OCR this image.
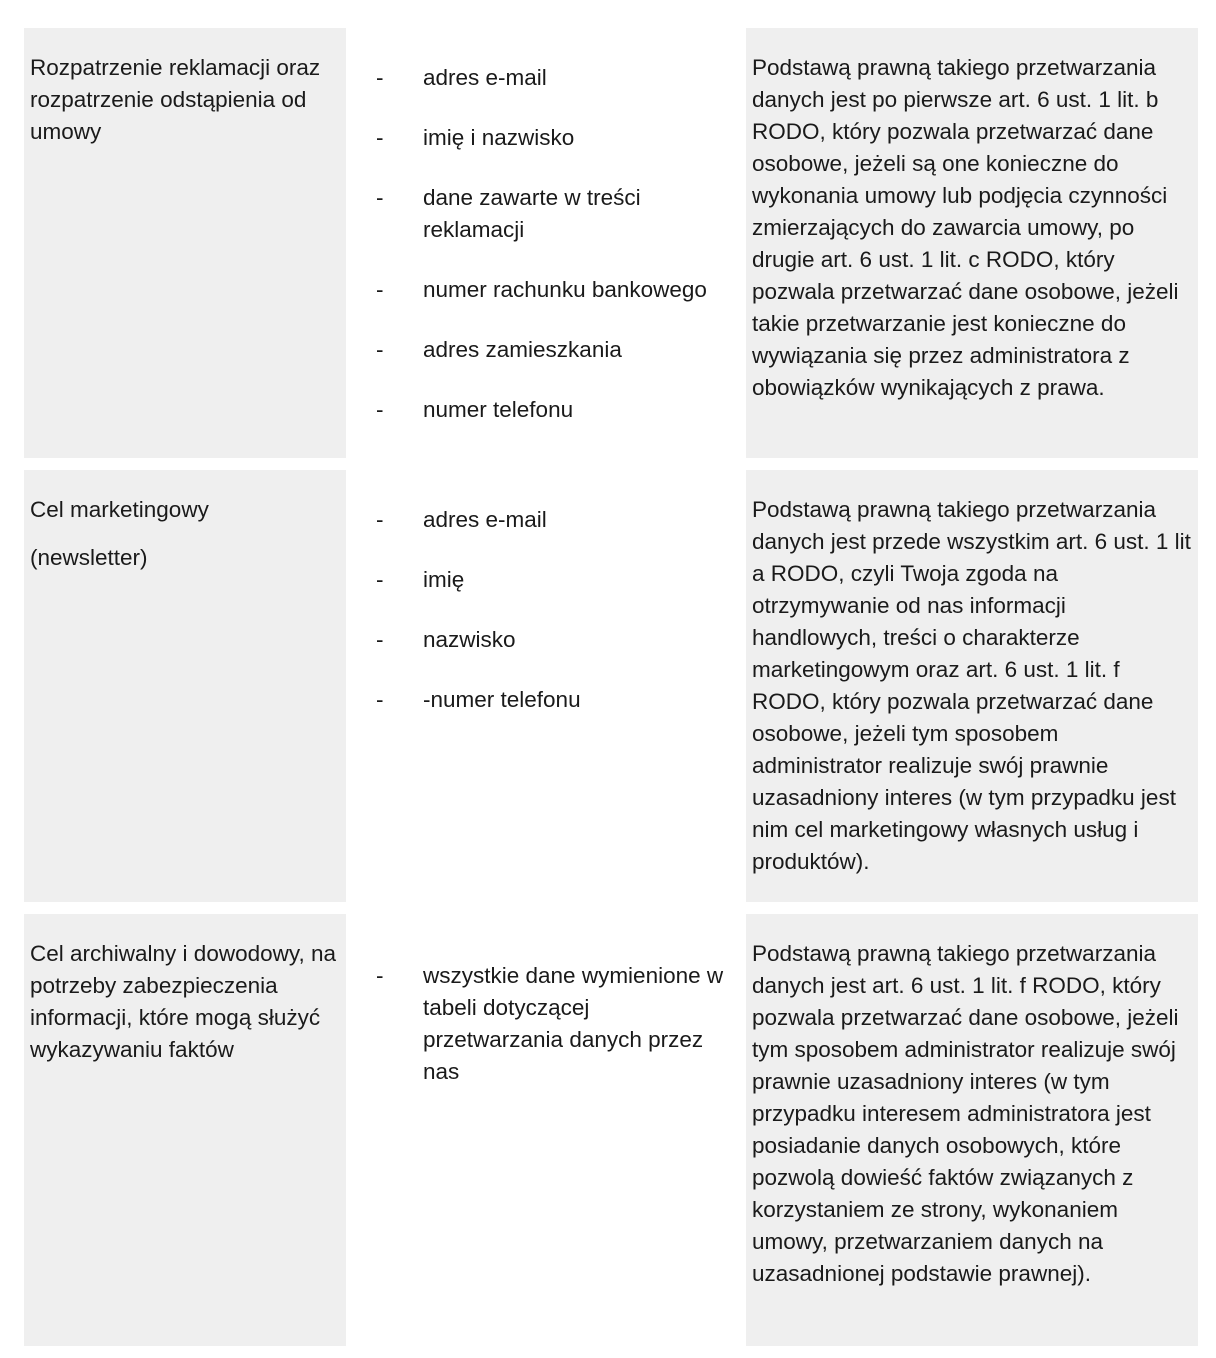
Rozpatrzenie reklamacji oraz rozpatrzenie odstąpienia od umowy

- adres e-mail
- imię i nazwisko
- dane zawarte w treści reklamacji
- numer rachunku bankowego
- adres zamieszkania
- numer telefonu

Podstawą prawną takiego przetwarzania danych jest po pierwsze art. 6 ust. 1 lit. b RODO, który pozwala przetwarzać dane osobowe, jeżeli są one konieczne do wykonania umowy lub podjęcia czynności zmierzających do zawarcia umowy, po drugie art. 6 ust. 1 lit. c RODO, który pozwala przetwarzać dane osobowe, jeżeli takie przetwarzanie jest konieczne do wywiązania się przez administratora z obowiązków wynikających z prawa.

Cel marketingowy

(newsletter)

- adres e-mail
- imię
- nazwisko
- -numer telefonu

Podstawą prawną takiego przetwarzania danych jest przede wszystkim art. 6 ust. 1 lit a RODO, czyli Twoja zgoda na otrzymywanie od nas informacji handlowych, treści o charakterze marketingowym oraz art. 6 ust. 1 lit. f RODO, który pozwala przetwarzać dane osobowe, jeżeli tym sposobem administrator realizuje swój prawnie uzasadniony interes (w tym przypadku jest nim cel marketingowy własnych usług i produktów).

Cel archiwalny i dowodowy, na potrzeby zabezpieczenia informacji, które mogą służyć wykazywaniu faktów

- wszystkie dane wymienione w tabeli dotyczącej przetwarzania danych przez nas

Podstawą prawną takiego przetwarzania danych jest art. 6 ust. 1 lit. f RODO, który pozwala przetwarzać dane osobowe, jeżeli tym sposobem administrator realizuje swój prawnie uzasadniony interes (w tym przypadku interesem administratora jest posiadanie danych osobowych, które pozwolą dowieść faktów związanych z korzystaniem ze strony, wykonaniem umowy, przetwarzaniem danych na uzasadnionej podstawie prawnej).
